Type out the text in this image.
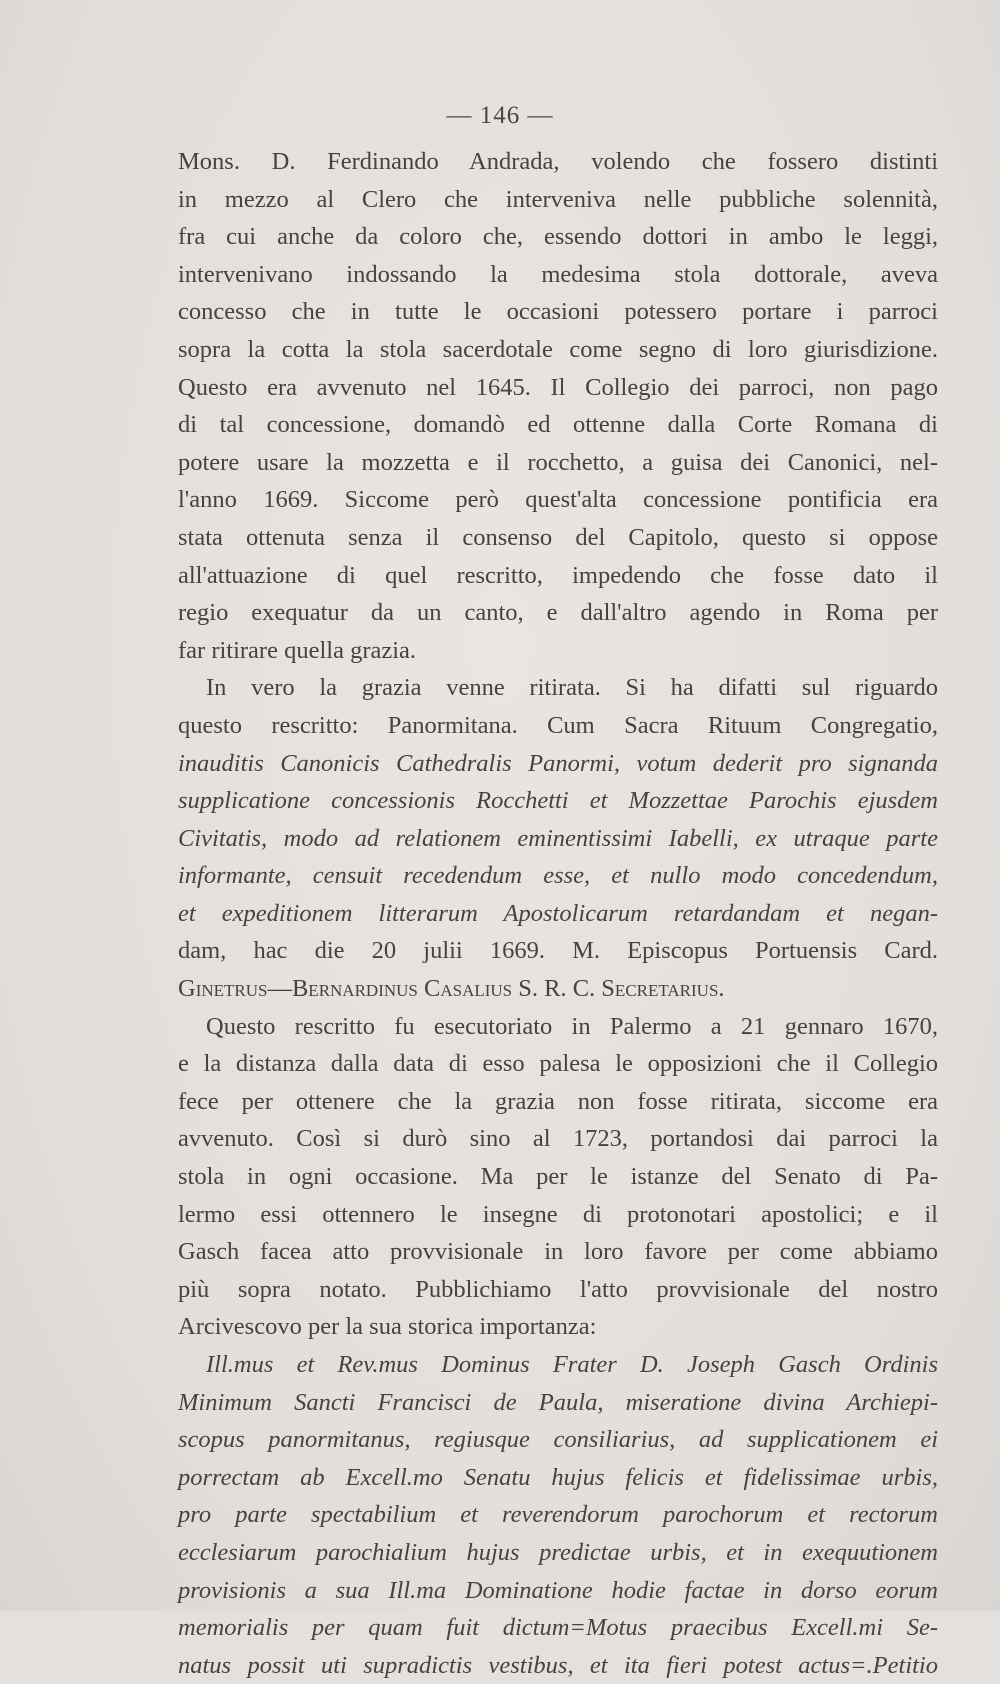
— 146 —
Mons. D. Ferdinando Andrada, volendo che fossero distinti
in mezzo al Clero che interveniva nelle pubbliche solennità,
fra cui anche da coloro che, essendo dottori in ambo le leggi,
intervenivano indossando la medesima stola dottorale, aveva
concesso che in tutte le occasioni potessero portare i parroci
sopra la cotta la stola sacerdotale come segno di loro giurisdizione.
Questo era avvenuto nel 1645. Il Collegio dei parroci, non pago
di tal concessione, domandò ed ottenne dalla Corte Romana di
potere usare la mozzetta e il rocchetto, a guisa dei Canonici, nel-
l'anno 1669. Siccome però quest'alta concessione pontificia era
stata ottenuta senza il consenso del Capitolo, questo si oppose
all'attuazione di quel rescritto, impedendo che fosse dato il
regio exequatur da un canto, e dall'altro agendo in Roma per
far ritirare quella grazia.
In vero la grazia venne ritirata. Si ha difatti sul riguardo
questo rescritto: Panormitana. Cum Sacra Rituum Congregatio,
inauditis Canonicis Cathedralis Panormi, votum dederit pro signanda
supplicatione concessionis Rocchetti et Mozzettae Parochis ejusdem
Civitatis, modo ad relationem eminentissimi Iabelli, ex utraque parte
informante, censuit recedendum esse, et nullo modo concedendum,
et expeditionem litterarum Apostolicarum retardandam et negan-
dam, hac die 20 julii 1669. M. Episcopus Portuensis Card.
Ginetrus—Bernardinus Casalius S. R. C. Secretarius.
Questo rescritto fu esecutoriato in Palermo a 21 gennaro 1670,
e la distanza dalla data di esso palesa le opposizioni che il Collegio
fece per ottenere che la grazia non fosse ritirata, siccome era
avvenuto. Così si durò sino al 1723, portandosi dai parroci la
stola in ogni occasione. Ma per le istanze del Senato di Pa-
lermo essi ottennero le insegne di protonotari apostolici; e il
Gasch facea atto provvisionale in loro favore per come abbiamo
più sopra notato. Pubblichiamo l'atto provvisionale del nostro
Arcivescovo per la sua storica importanza:
Ill.mus et Rev.mus Dominus Frater D. Joseph Gasch Ordinis
Minimum Sancti Francisci de Paula, miseratione divina Archiepi-
scopus panormitanus, regiusque consiliarius, ad supplicationem ei
porrectam ab Excell.mo Senatu hujus felicis et fidelissimae urbis,
pro parte spectabilium et reverendorum parochorum et rectorum
ecclesiarum parochialium hujus predictae urbis, et in exequutionem
provisionis a sua Ill.ma Dominatione hodie factae in dorso eorum
memorialis per quam fuit dictum=Motus praecibus Excell.mi Se-
natus possit uti supradictis vestibus, et ita fieri potest actus=.Petitio
